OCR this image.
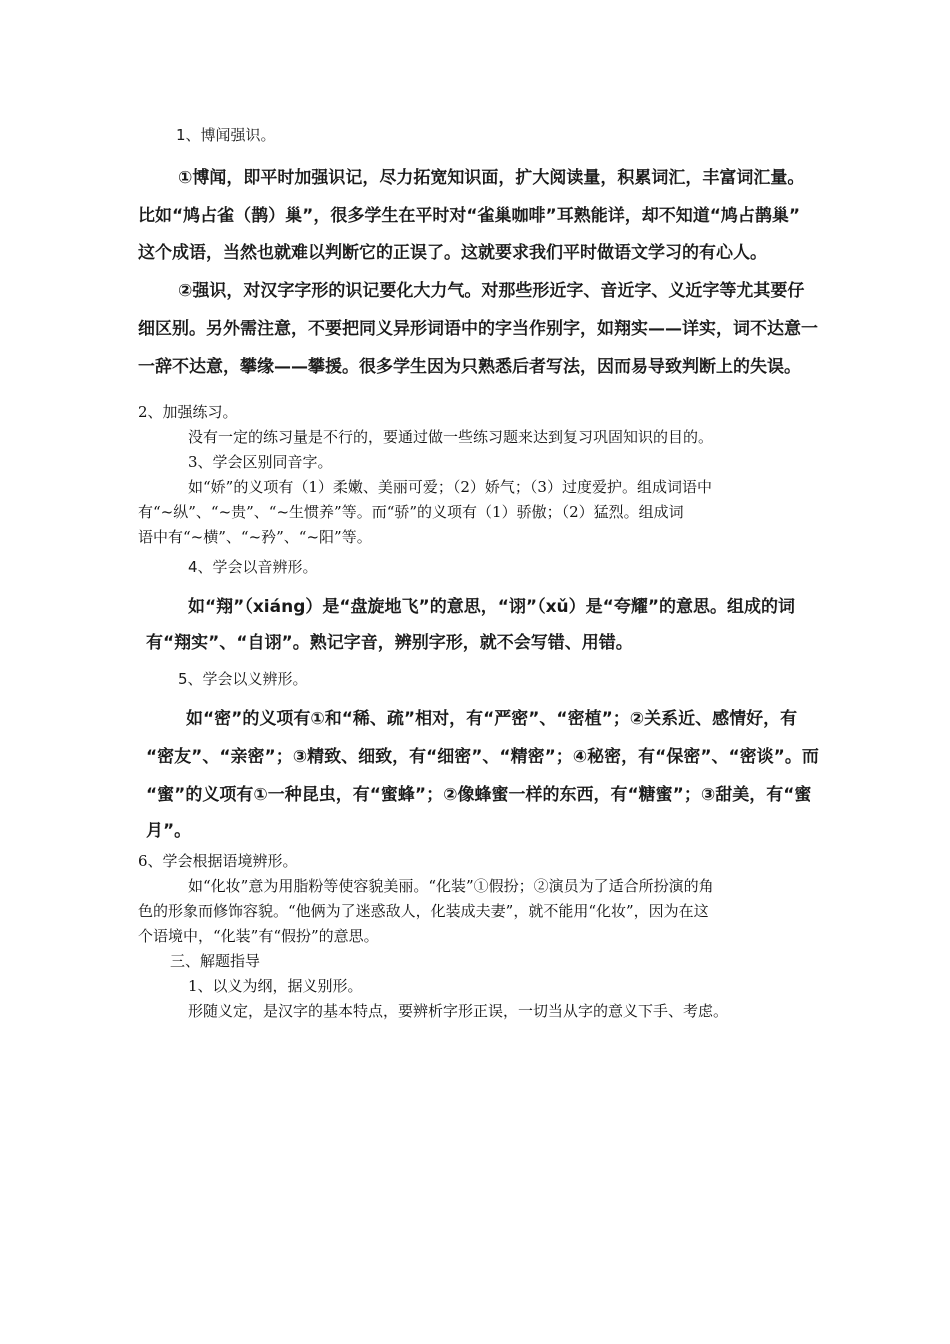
1、博闻强识。
①博闻，即平时加强识记，尽力拓宽知识面，扩大阅读量，积累词汇，丰富词汇量。
比如“鸠占雀（鹊）巢”，很多学生在平时对“雀巢咖啡”耳熟能详，却不知道“鸠占鹊巢”
这个成语，当然也就难以判断它的正误了。这就要求我们平时做语文学习的有心人。
②强识，对汉字字形的识记要化大力气。对那些形近字、音近字、义近字等尤其要仔
细区别。另外需注意，不要把同义异形词语中的字当作别字，如翔实——详实，词不达意一
一辞不达意，攀缘——攀援。很多学生因为只熟悉后者写法，因而易导致判断上的失误。
2、加强练习。
没有一定的练习量是不行的，要通过做一些练习题来达到复习巩固知识的目的。
3、学会区别同音字。
如“娇”的义项有（1）柔嫩、美丽可爱；（2）娇气；（3）过度爱护。组成词语中
有“~纵”、“~贵”、“~生惯养”等。而“骄”的义项有（1）骄傲；（2）猛烈。组成词
语中有“~横”、“~矜”、“~阳”等。
4、学会以音辨形。
如“翔”（xiáng）是“盘旋地飞”的意思，“诩”（xǔ）是“夸耀”的意思。组成的词
有“翔实”、“自诩”。熟记字音，辨别字形，就不会写错、用错。
5、学会以义辨形。
如“密”的义项有①和“稀、疏”相对，有“严密”、“密植”；②关系近、感情好，有
“密友”、“亲密”；③精致、细致，有“细密”、“精密”；④秘密，有“保密”、“密谈”。而
“蜜”的义项有①一种昆虫，有“蜜蜂”；②像蜂蜜一样的东西，有“糖蜜”；③甜美，有“蜜
月”。
6、学会根据语境辨形。
如“化妆”意为用脂粉等使容貌美丽。“化装”①假扮；②演员为了适合所扮演的角
色的形象而修饰容貌。“他俩为了迷惑敌人，化装成夫妻”，就不能用“化妆”，因为在这
个语境中，“化装”有“假扮”的意思。
三、解题指导
1、以义为纲，据义别形。
形随义定，是汉字的基本特点，要辨析字形正误，一切当从字的意义下手、考虑。
